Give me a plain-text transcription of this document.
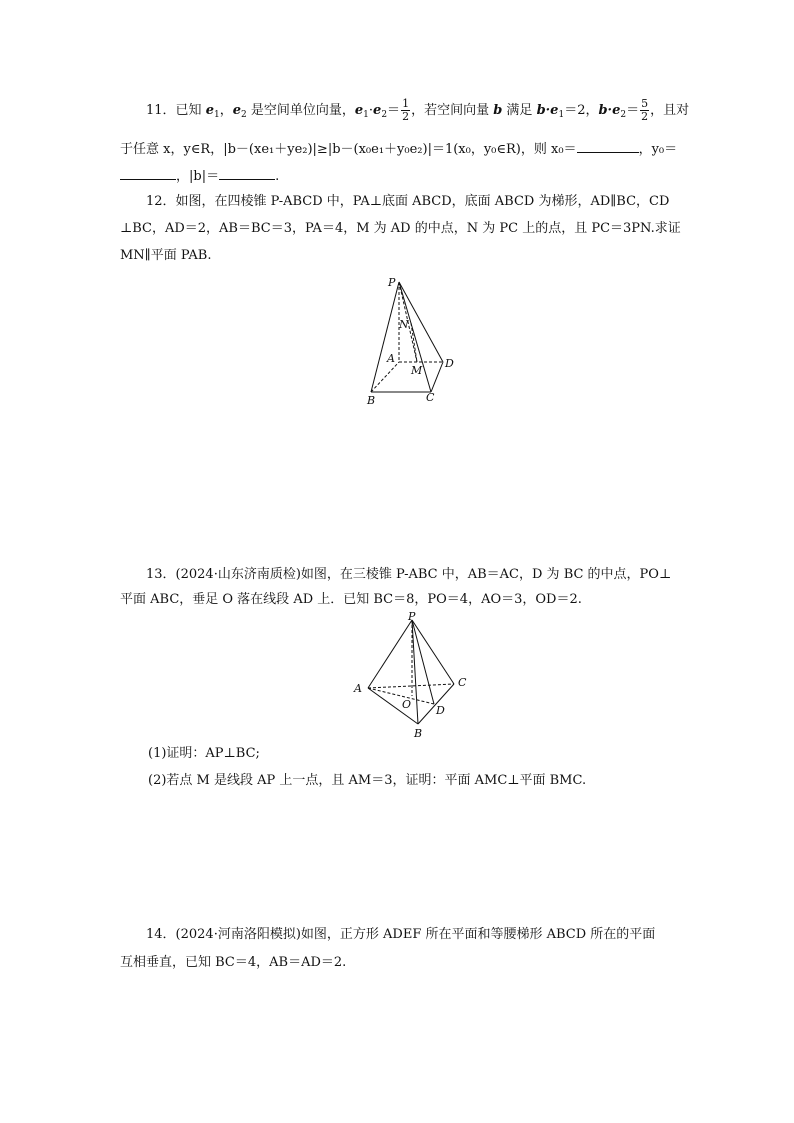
11．已知 $e_1$，$e_2$ 是空间单位向量，$e_1\cdot e_2= \frac{1}{2}$ ，若空间向量 b 满足 $b\cdot e_1=2$，$b\cdot e_2= \frac{5}{2}$ ，且对
于任意 x，y∈R，|b－(xe₁＋ye₂)|≥|b－(x₀e₁＋y₀e₂)|＝1(x₀，y₀∈R)，则 x₀＝	，y₀＝
，|b|＝	.
12．如图，在四棱锥 P-ABCD 中，PA⊥底面 ABCD，底面 ABCD 为梯形，AD∥BC，CD
⊥BC，AD＝2，AB＝BC＝3，PA＝4，M 为 AD 的中点，N 为 PC 上的点，且 PC＝3PN.求证
MN∥平面 PAB.
P
N
A
M
D
B	C
13．(2024·山东济南质检)如图，在三棱锥 P-ABC 中，AB＝AC，D 为 BC 的中点，PO⊥
平面 ABC，垂足 O 落在线段 AD 上．已知 BC＝8，PO＝4，AO＝3，OD＝2.
P
A	C
O D
B
(1)证明：AP⊥BC;
(2)若点 M 是线段 AP 上一点，且 AM＝3，证明：平面 AMC⊥平面 BMC.
14．(2024·河南洛阳模拟)如图，正方形 ADEF 所在平面和等腰梯形 ABCD 所在的平面
互相垂直，已知 BC＝4，AB＝AD＝2.
